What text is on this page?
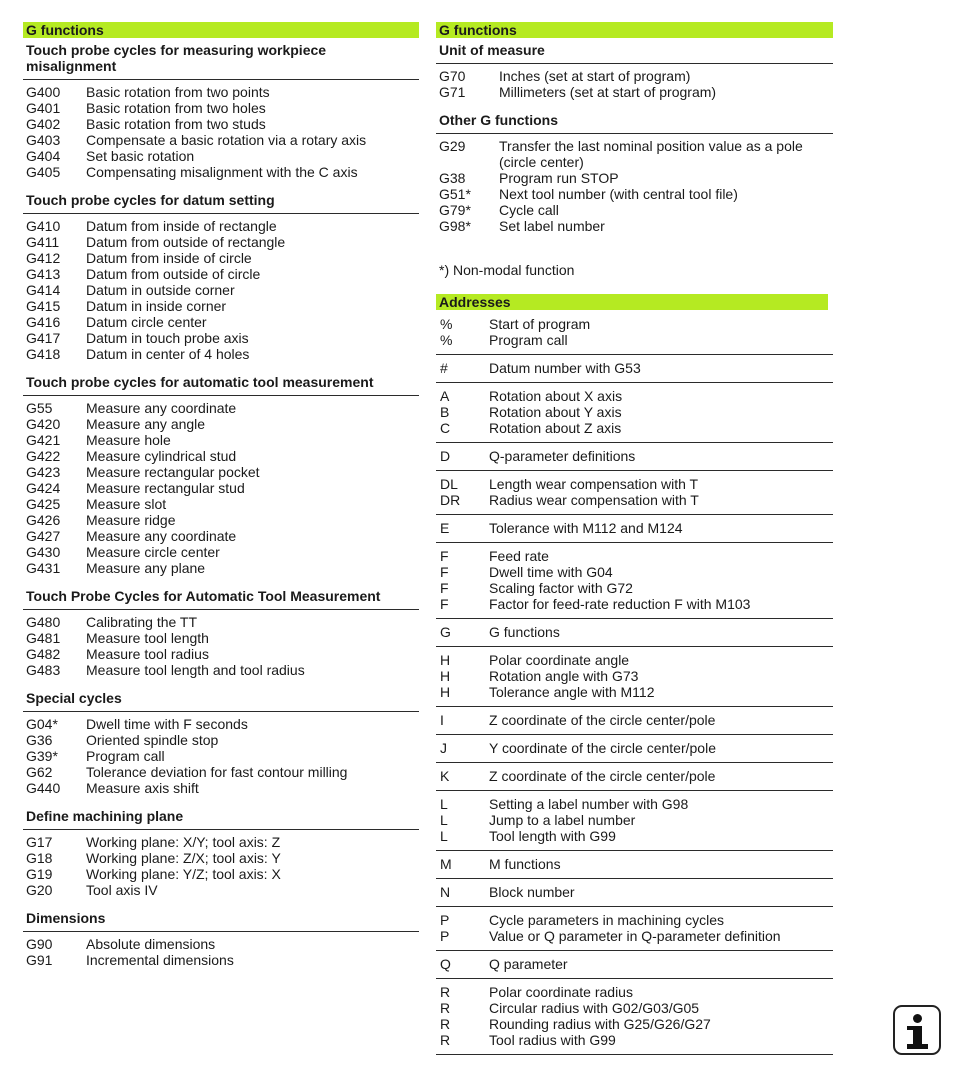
G functions
Touch probe cycles for measuring workpiece misalignment
G400	Basic rotation from two points
G401	Basic rotation from two holes
G402	Basic rotation from two studs
G403	Compensate a basic rotation via a rotary axis
G404	Set basic rotation
G405	Compensating misalignment with the C axis
Touch probe cycles for datum setting
G410	Datum from inside of rectangle
G411	Datum from outside of rectangle
G412	Datum from inside of circle
G413	Datum from outside of circle
G414	Datum in outside corner
G415	Datum in inside corner
G416	Datum circle center
G417	Datum in touch probe axis
G418	Datum in center of 4 holes
Touch probe cycles for automatic tool measurement
G55	Measure any coordinate
G420	Measure any angle
G421	Measure hole
G422	Measure cylindrical stud
G423	Measure rectangular pocket
G424	Measure rectangular stud
G425	Measure slot
G426	Measure ridge
G427	Measure any coordinate
G430	Measure circle center
G431	Measure any plane
Touch Probe Cycles for Automatic Tool Measurement
G480	Calibrating the TT
G481	Measure tool length
G482	Measure tool radius
G483	Measure tool length and tool radius
Special cycles
G04*	Dwell time with F seconds
G36	Oriented spindle stop
G39*	Program call
G62	Tolerance deviation for fast contour milling
G440	Measure axis shift
Define machining plane
G17	Working plane: X/Y; tool axis: Z
G18	Working plane: Z/X; tool axis: Y
G19	Working plane: Y/Z; tool axis: X
G20	Tool axis IV
Dimensions
G90	Absolute dimensions
G91	Incremental dimensions
G functions
Unit of measure
G70	Inches (set at start of program)
G71	Millimeters (set at start of program)
Other G functions
G29	Transfer the last nominal position value as a pole
(circle center)
G38	Program run STOP
G51*	Next tool number (with central tool file)
G79*	Cycle call
G98*	Set label number
*) Non-modal function
Addresses
%	Start of program
%	Program call
#	Datum number with G53
A	Rotation about X axis
B	Rotation about Y axis
C	Rotation about Z axis
D	Q-parameter definitions
DL	Length wear compensation with T
DR	Radius wear compensation with T
E	Tolerance with M112 and M124
F	Feed rate
F	Dwell time with G04
F	Scaling factor with G72
F	Factor for feed-rate reduction F with M103
G	G functions
H	Polar coordinate angle
H	Rotation angle with G73
H	Tolerance angle with M112
I	Z coordinate of the circle center/pole
J	Y coordinate of the circle center/pole
K	Z coordinate of the circle center/pole
L	Setting a label number with G98
L	Jump to a label number
L	Tool length with G99
M	M functions
N	Block number
P	Cycle parameters in machining cycles
P	Value or Q parameter in Q-parameter definition
Q	Q parameter
R	Polar coordinate radius
R	Circular radius with G02/G03/G05
R	Rounding radius with G25/G26/G27
R	Tool radius with G99
